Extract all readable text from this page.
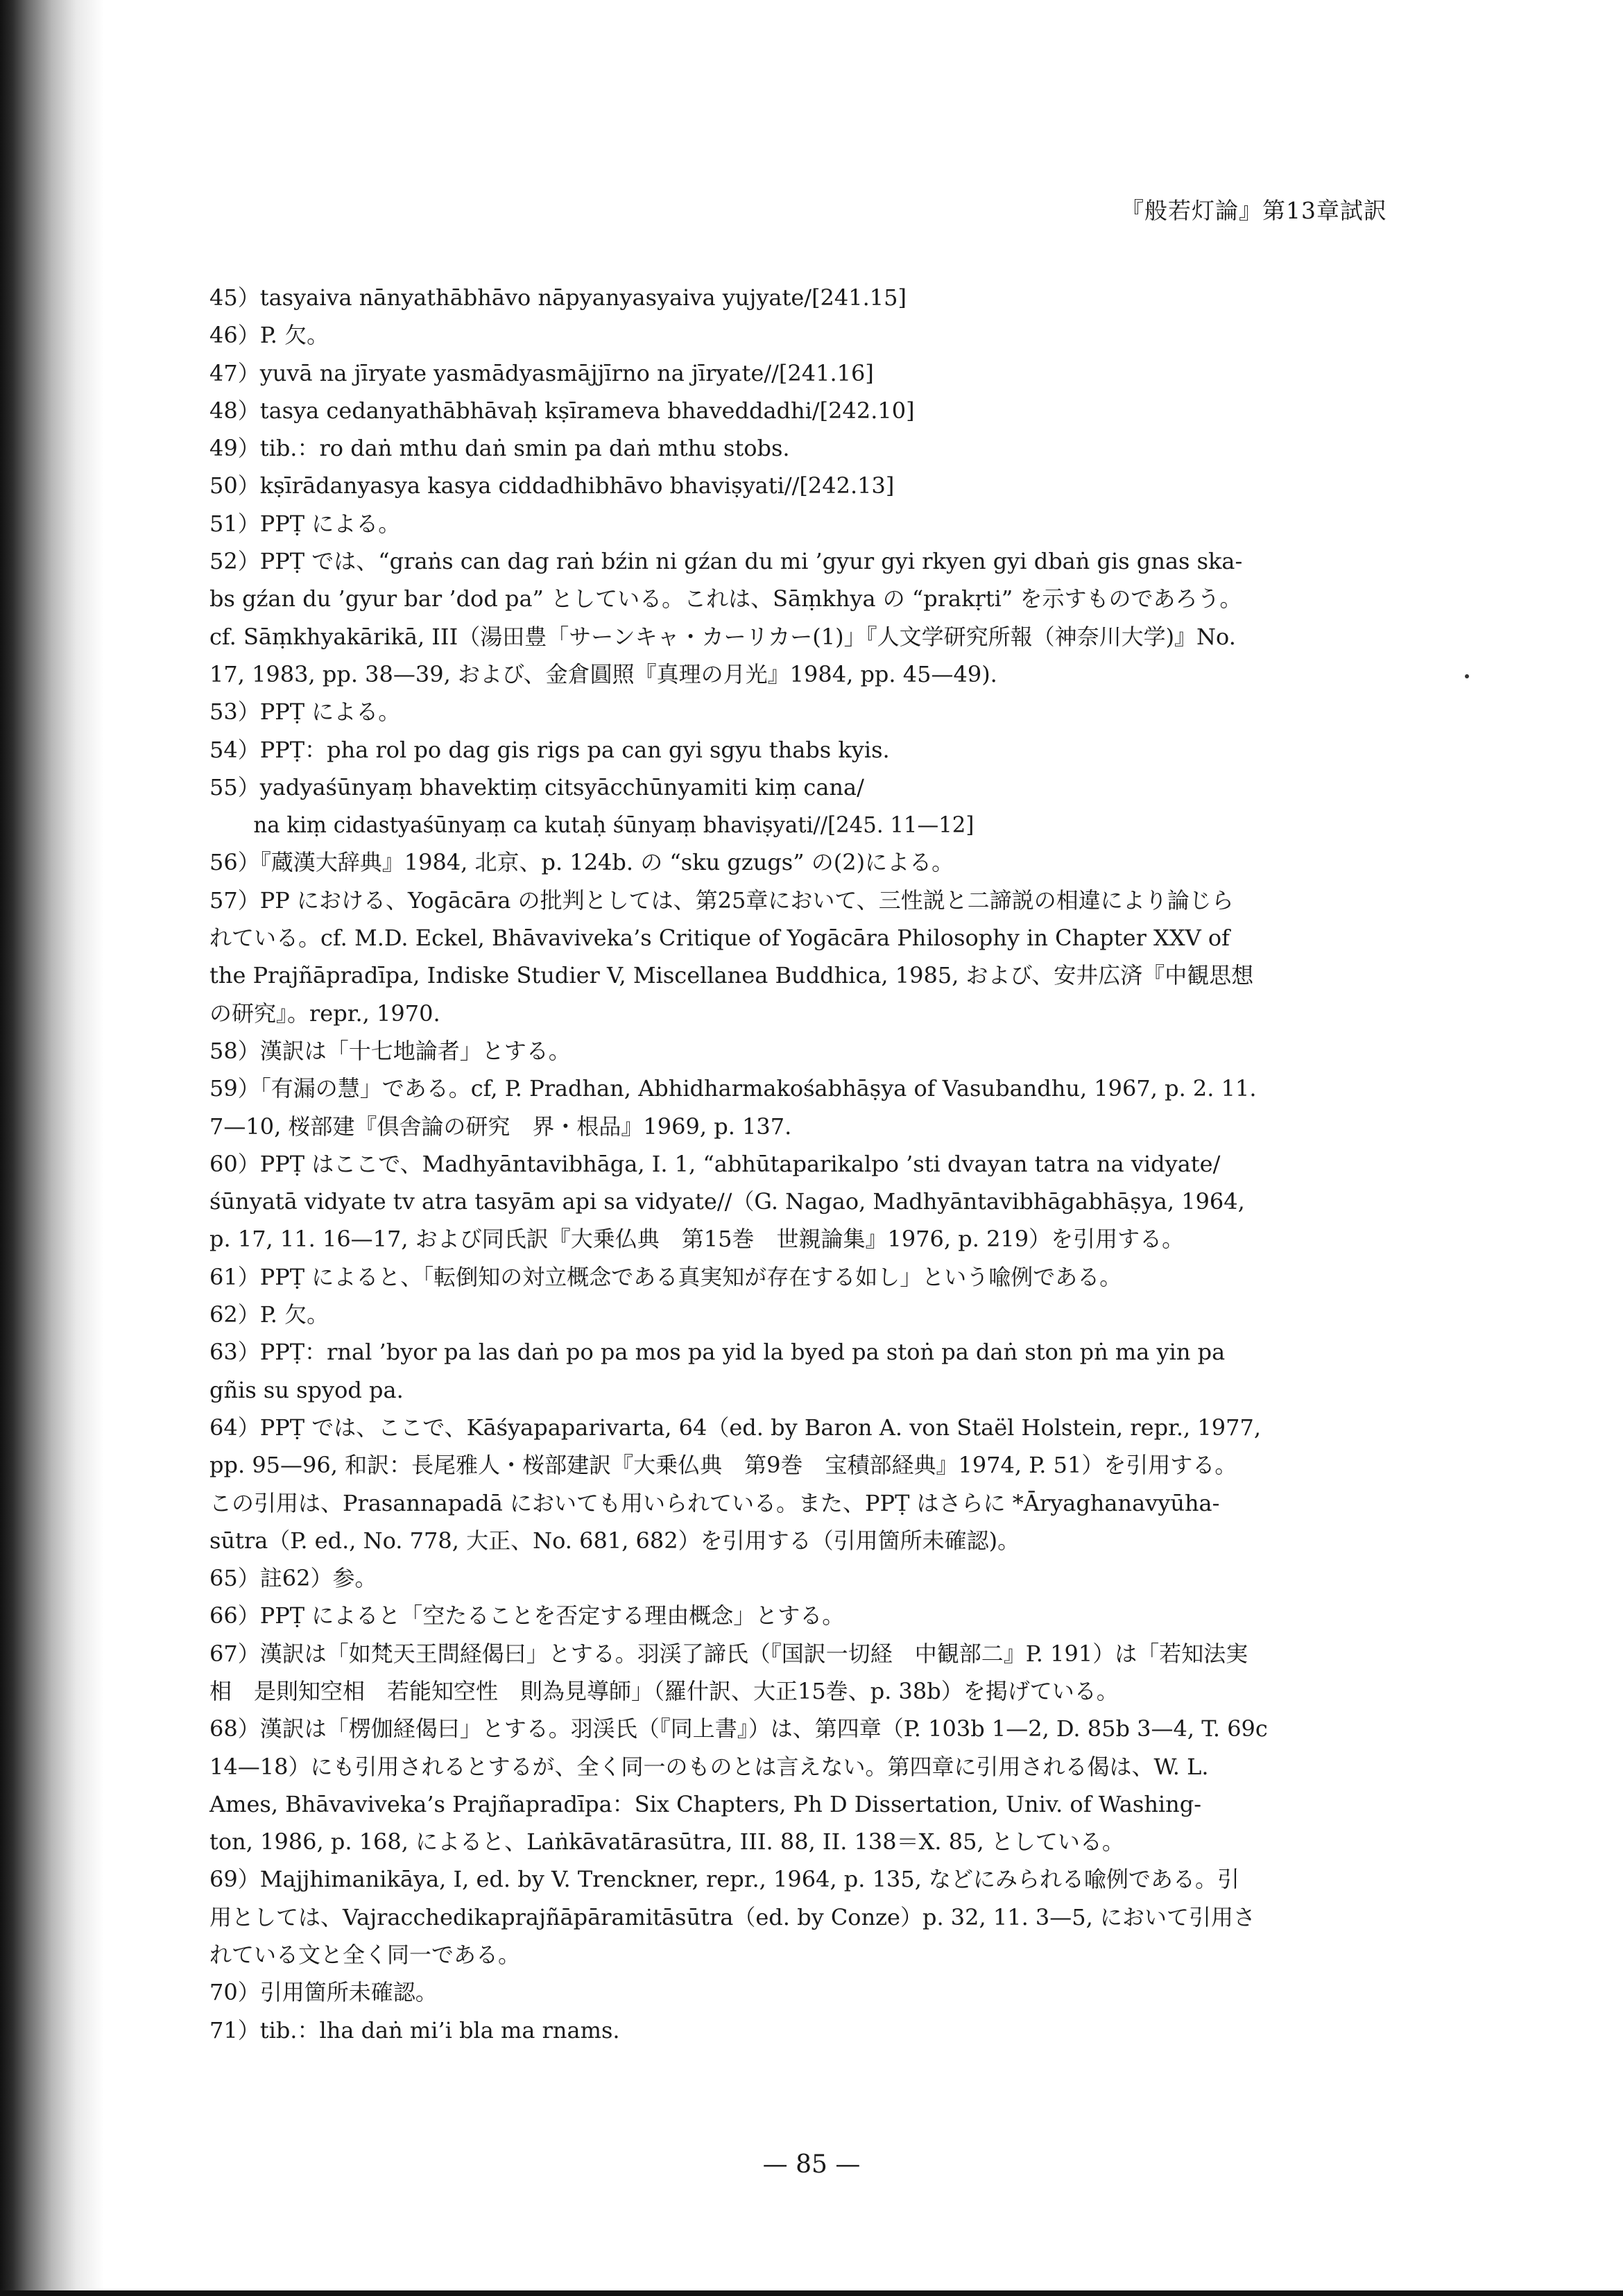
『般若灯論』第13章試訳
45）tasyaiva nānyathābhāvo nāpyanyasyaiva yujyate/[241.15]
46）P. 欠。
47）yuvā na jīryate yasmādyasmājjīrno na jīryate//[241.16]
48）tasya cedanyathābhāvaḥ kṣīrameva bhaveddadhi/[242.10]
49）tib.：ro daṅ mthu daṅ smin pa daṅ mthu stobs.
50）kṣīrādanyasya kasya ciddadhibhāvo bhaviṣyati//[242.13]
51）PPṬ による。
52）PPṬ では、“graṅs can dag raṅ bźin ni gźan du mi ’gyur gyi rkyen gyi dbaṅ gis gnas ska-
bs gźan du ’gyur bar ’dod pa” としている。これは、Sāṃkhya の “prakṛti” を示すものであろう。
cf. Sāṃkhyakārikā, III（湯田豊「サーンキャ・カーリカー(1)」『人文学研究所報（神奈川大学)』No.
17, 1983, pp. 38—39, および、金倉圓照『真理の月光』1984, pp. 45—49).
53）PPṬ による。
54）PPṬ：pha rol po dag gis rigs pa can gyi sgyu thabs kyis.
55）yadyaśūnyaṃ bhavektiṃ citsyācchūnyamiti kiṃ cana/
na kiṃ cidastyaśūnyaṃ ca kutaḥ śūnyaṃ bhaviṣyati//[245. 11—12]
56）『蔵漢大辞典』1984, 北京、p. 124b. の “sku gzugs” の(2)による。
57）PP における、Yogācāra の批判としては、第25章において、三性説と二諦説の相違により論じら
れている。cf. M.D. Eckel, Bhāvaviveka’s Critique of Yogācāra Philosophy in Chapter XXV of
the Prajñāpradīpa, Indiske Studier V, Miscellanea Buddhica, 1985, および、安井広済『中観思想
の研究』。repr., 1970.
58）漢訳は「十七地論者」とする。
59）「有漏の慧」である。cf, P. Pradhan, Abhidharmakośabhāṣya of Vasubandhu, 1967, p. 2. 11.
7—10, 桜部建『倶舎論の研究　界・根品』1969, p. 137.
60）PPṬ はここで、Madhyāntavibhāga, I. 1, “abhūtaparikalpo ’sti dvayan tatra na vidyate/
śūnyatā vidyate tv atra tasyām api sa vidyate//（G. Nagao, Madhyāntavibhāgabhāṣya, 1964,
p. 17, 11. 16—17, および同氏訳『大乗仏典　第15巻　世親論集』1976, p. 219）を引用する。
61）PPṬ によると、「転倒知の対立概念である真実知が存在する如し」という喩例である。
62）P. 欠。
63）PPṬ：rnal ’byor pa las daṅ po pa mos pa yid la byed pa stoṅ pa daṅ ston pṅ ma yin pa
gñis su spyod pa.
64）PPṬ では、ここで、Kāśyapaparivarta, 64（ed. by Baron A. von Staël Holstein, repr., 1977,
pp. 95—96, 和訳：長尾雅人・桜部建訳『大乗仏典　第9巻　宝積部経典』1974, P. 51）を引用する。
この引用は、Prasannapadā においても用いられている。また、PPṬ はさらに *Āryaghanavyūha-
sūtra（P. ed., No. 778, 大正、No. 681, 682）を引用する（引用箇所未確認)。
65）註62）参。
66）PPṬ によると「空たることを否定する理由概念」とする。
67）漢訳は「如梵天王問経偈曰」とする。羽渓了諦氏（『国訳一切経　中観部二』P. 191）は「若知法実
相　是則知空相　若能知空性　則為見導師」（羅什訳、大正15巻、p. 38b）を掲げている。
68）漢訳は「楞伽経偈曰」とする。羽渓氏（『同上書』）は、第四章（P. 103b 1—2, D. 85b 3—4, T. 69c
14—18）にも引用されるとするが、全く同一のものとは言えない。第四章に引用される偈は、W. L.
Ames, Bhāvaviveka’s Prajñapradīpa：Six Chapters, Ph D Dissertation, Univ. of Washing-
ton, 1986, p. 168, によると、Laṅkāvatārasūtra, III. 88, II. 138＝X. 85, としている。
69）Majjhimanikāya, I, ed. by V. Trenckner, repr., 1964, p. 135, などにみられる喩例である。引
用としては、Vajracchedikaprajñāpāramitāsūtra（ed. by Conze）p. 32, 11. 3—5, において引用さ
れている文と全く同一である。
70）引用箇所未確認。
71）tib.：lha daṅ mi’i bla ma rnams.
— 85 —
